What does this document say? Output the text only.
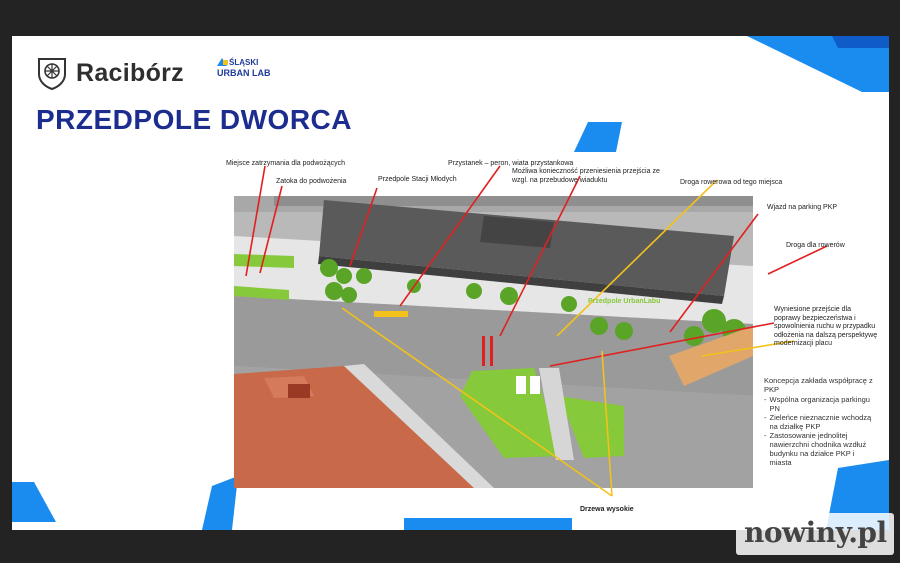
Racibórz	ŚLĄSKI
URBAN LAB
PRZEDPOLE DWORCA
Miejsce zatrzymania dla podwożących
Zatoka do podwożenia	Przedpole Stacji Młodych
Przystanek – peron, wiata przystankowa
Możliwa konieczność przeniesienia przejścia ze wzgl. na przebudowę wiaduktu	Droga rowerowa od tego miejsca
Wjazd na parking PKP
Droga dla rowerów
Wyniesione przejście dla poprawy bezpieczeństwa i spowolnienia ruchu w przypadku odłożenia na dalszą perspektywę modernizacji placu
Przedpole UrbanLabu
Drzewa wysokie
Koncepcja zakłada współpracę z PKP
- Wspólna organizacja parkingu PN
- Zieleńce nieznacznie wchodzą na działkę PKP
- Zastosowanie jednolitej nawierzchni chodnika wzdłuż budynku na działce PKP i miasta
nowiny.pl
